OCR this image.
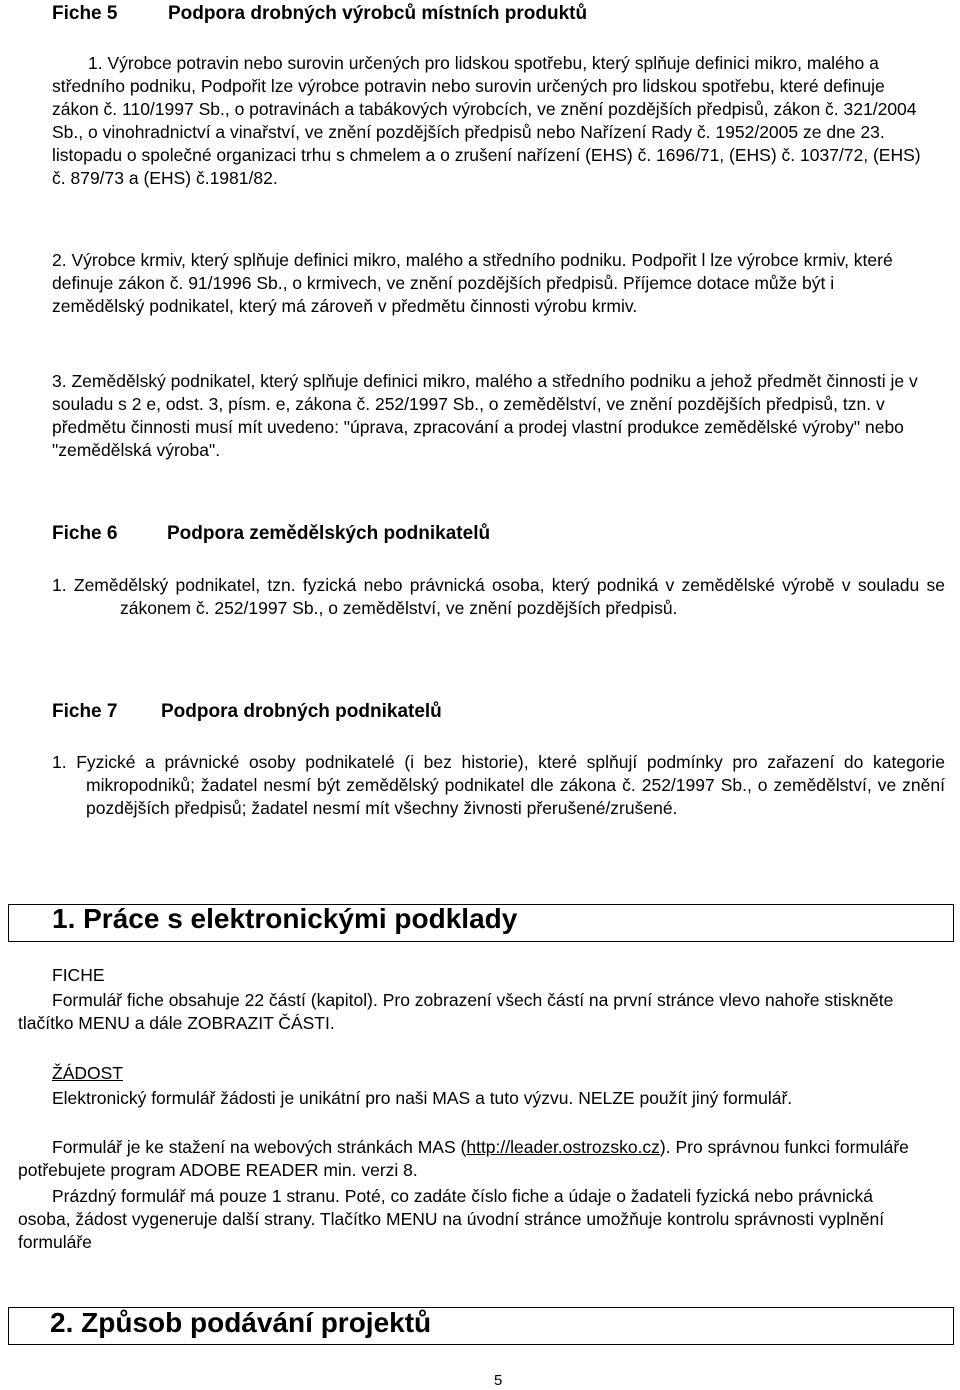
Fiche 5	Podpora drobných výrobců místních produktů
1. Výrobce potravin nebo surovin určených pro lidskou spotřebu, který splňuje definici mikro, malého a středního podniku, Podpořit lze výrobce potravin nebo surovin určených pro lidskou spotřebu, které definuje zákon č. 110/1997 Sb., o potravinách a tabákových výrobcích, ve znění pozdějších předpisů, zákon č. 321/2004 Sb., o vinohradnictví a vinařství, ve znění pozdějších předpisů nebo Nařízení Rady č. 1952/2005 ze dne 23. listopadu o společné organizaci trhu s chmelem a o zrušení nařízení (EHS) č. 1696/71, (EHS) č. 1037/72, (EHS) č. 879/73 a (EHS) č.1981/82.
2. Výrobce krmiv, který splňuje definici mikro, malého a středního podniku. Podpořit l lze výrobce krmiv, které definuje zákon č. 91/1996 Sb., o krmivech, ve znění pozdějších předpisů. Příjemce dotace může být i zemědělský podnikatel, který má zároveň v předmětu činnosti výrobu krmiv.
3. Zemědělský podnikatel, který splňuje definici mikro, malého a středního podniku a jehož předmět činnosti je v souladu s 2 e, odst. 3, písm. e, zákona č. 252/1997 Sb., o zemědělství, ve znění pozdějších předpisů, tzn. v předmětu činnosti musí mít uvedeno: "úprava, zpracování a prodej vlastní produkce zemědělské výroby" nebo "zemědělská výroba".
Fiche 6	Podpora zemědělských podnikatelů
1. Zemědělský podnikatel, tzn. fyzická nebo právnická osoba, který podniká v zemědělské výrobě v souladu se zákonem č. 252/1997 Sb., o zemědělství, ve znění pozdějších předpisů.
Fiche 7 Podpora drobných podnikatelů
1. Fyzické a právnické osoby podnikatelé (i bez historie), které splňují podmínky pro zařazení do kategorie mikropodniků; žadatel nesmí být zemědělský podnikatel dle zákona č. 252/1997 Sb., o zemědělství, ve znění pozdějších předpisů; žadatel nesmí mít všechny živnosti přerušené/zrušené.
1. Práce s elektronickými podklady
FICHE
Formulář fiche obsahuje 22 částí (kapitol). Pro zobrazení všech částí na první stránce vlevo nahoře stiskněte tlačítko MENU a dále ZOBRAZIT ČÁSTI.
ŽÁDOST
Elektronický formulář žádosti je unikátní pro naši MAS a tuto výzvu. NELZE použít jiný formulář.
Formulář je ke stažení na webových stránkách MAS (http://leader.ostrozsko.cz). Pro správnou funkci formuláře potřebujete program ADOBE READER min. verzi 8.
Prázdný formulář má pouze 1 stranu. Poté, co zadáte číslo fiche a údaje o žadateli fyzická nebo právnická osoba, žádost vygeneruje další strany. Tlačítko MENU na úvodní stránce umožňuje kontrolu správnosti vyplnění formuláře
2. Způsob podávání projektů
5
